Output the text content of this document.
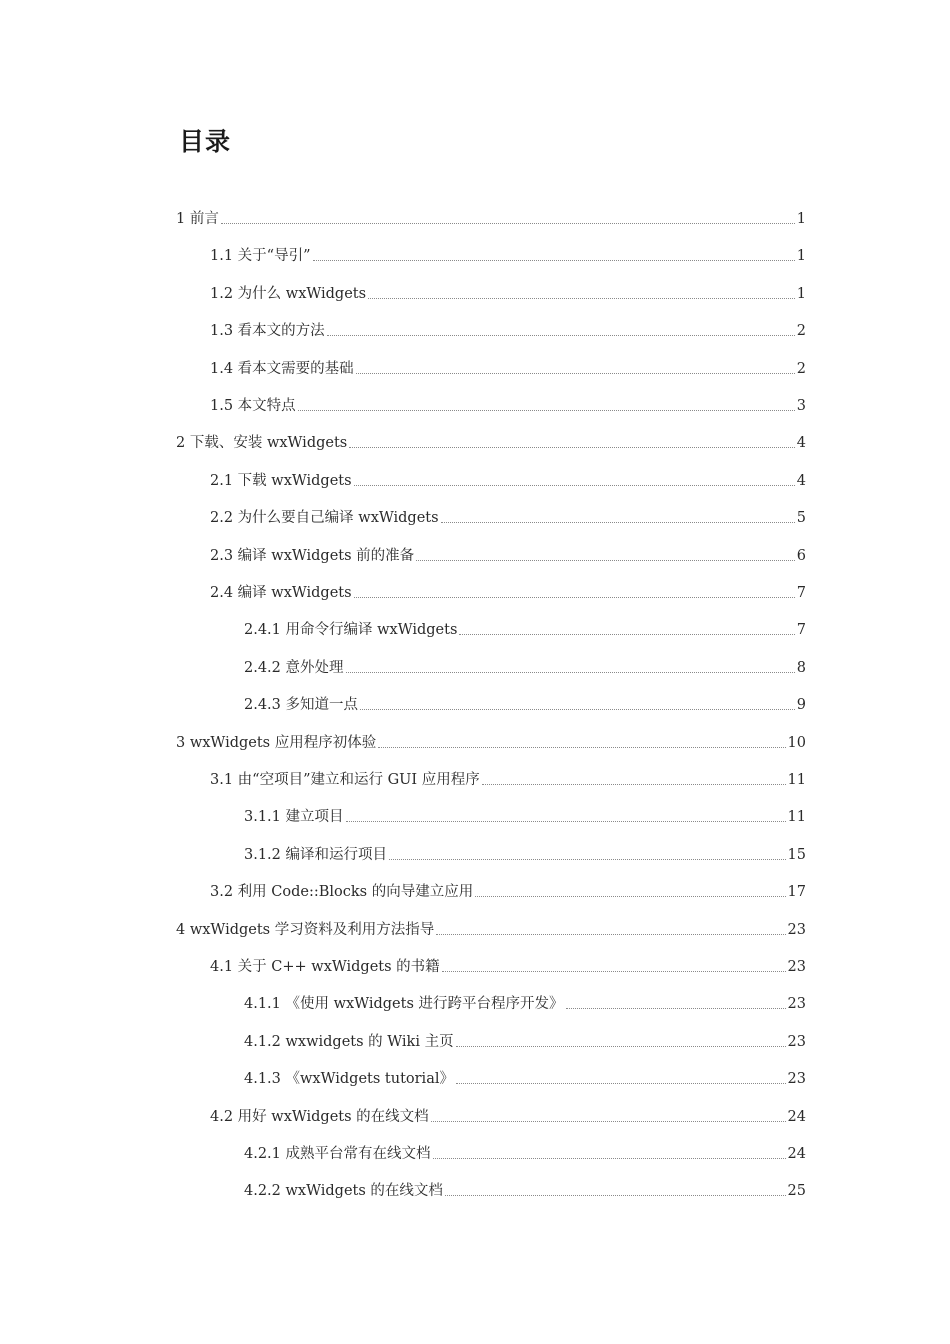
目录
1 前言	1
1.1 关于“导引”	1
1.2 为什么 wxWidgets	1
1.3 看本文的方法	2
1.4 看本文需要的基础	2
1.5 本文特点	3
2 下载、安装 wxWidgets	4
2.1 下载 wxWidgets	4
2.2 为什么要自己编译 wxWidgets	5
2.3 编译 wxWidgets 前的准备	6
2.4 编译 wxWidgets	7
2.4.1 用命令行编译 wxWidgets	7
2.4.2 意外处理	8
2.4.3 多知道一点	9
3 wxWidgets 应用程序初体验	10
3.1 由“空项目”建立和运行 GUI 应用程序	11
3.1.1 建立项目	11
3.1.2 编译和运行项目	15
3.2 利用 Code::Blocks 的向导建立应用	17
4 wxWidgets 学习资料及利用方法指导	23
4.1 关于 C++ wxWidgets 的书籍	23
4.1.1 《使用 wxWidgets 进行跨平台程序开发》	23
4.1.2 wxwidgets 的 Wiki 主页	23
4.1.3 《wxWidgets tutorial》	23
4.2 用好 wxWidgets 的在线文档	24
4.2.1 成熟平台常有在线文档	24
4.2.2 wxWidgets 的在线文档	25
